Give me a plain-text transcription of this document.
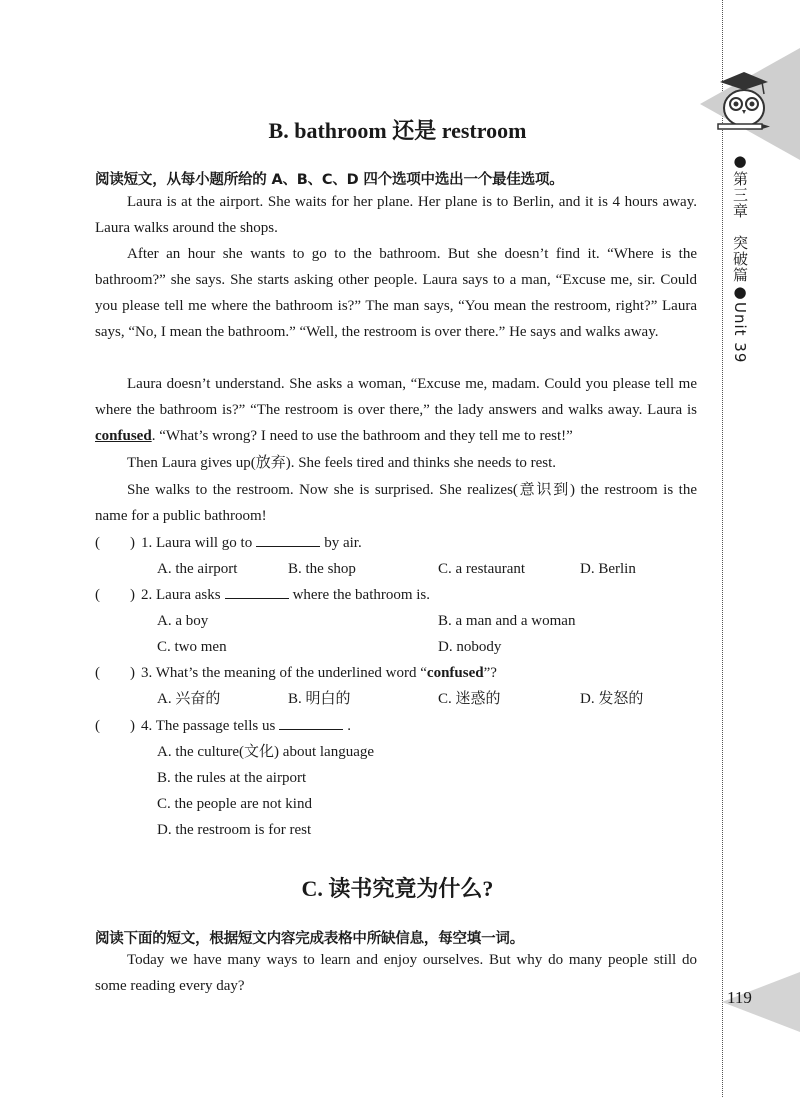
●第三章　突破篇●Unit 39
119
B. bathroom 还是 restroom
阅读短文，从每小题所给的 A、B、C、D 四个选项中选出一个最佳选项。
Laura is at the airport. She waits for her plane. Her plane is to Berlin, and it is 4 hours away. Laura walks around the shops.
After an hour she wants to go to the bathroom. But she doesn’t find it. “Where is the bathroom?” she says. She starts asking other people. Laura says to a man, “Excuse me, sir. Could you please tell me where the bathroom is?” The man says, “You mean the restroom, right?” Laura says, “No, I mean the bathroom.” “Well, the restroom is over there.” He says and walks away.
Laura doesn’t understand. She asks a woman, “Excuse me, madam. Could you please tell me where the bathroom is?” “The restroom is over there,” the lady answers and walks away. Laura is confused. “What’s wrong? I need to use the bathroom and they tell me to rest!”
Then Laura gives up(放弃). She feels tired and thinks she needs to rest.
She walks to the restroom. Now she is surprised. She realizes(意识到) the restroom is the name for a public bathroom!
(　　) 1. Laura will go to	by air.
A. the airport	B. the shop	C. a restaurant	D. Berlin
(　　) 2. Laura asks	where the bathroom is.
A. a boy	B. a man and a woman
C. two men	D. nobody
(　　) 3. What’s the meaning of the underlined word “confused”?
A. 兴奋的	B. 明白的	C. 迷惑的	D. 发怒的
(　　) 4. The passage tells us	.
A. the culture(文化) about language
B. the rules at the airport
C. the people are not kind
D. the restroom is for rest
C. 读书究竟为什么?
阅读下面的短文，根据短文内容完成表格中所缺信息，每空填一词。
Today we have many ways to learn and enjoy ourselves. But why do many people still do some reading every day?
